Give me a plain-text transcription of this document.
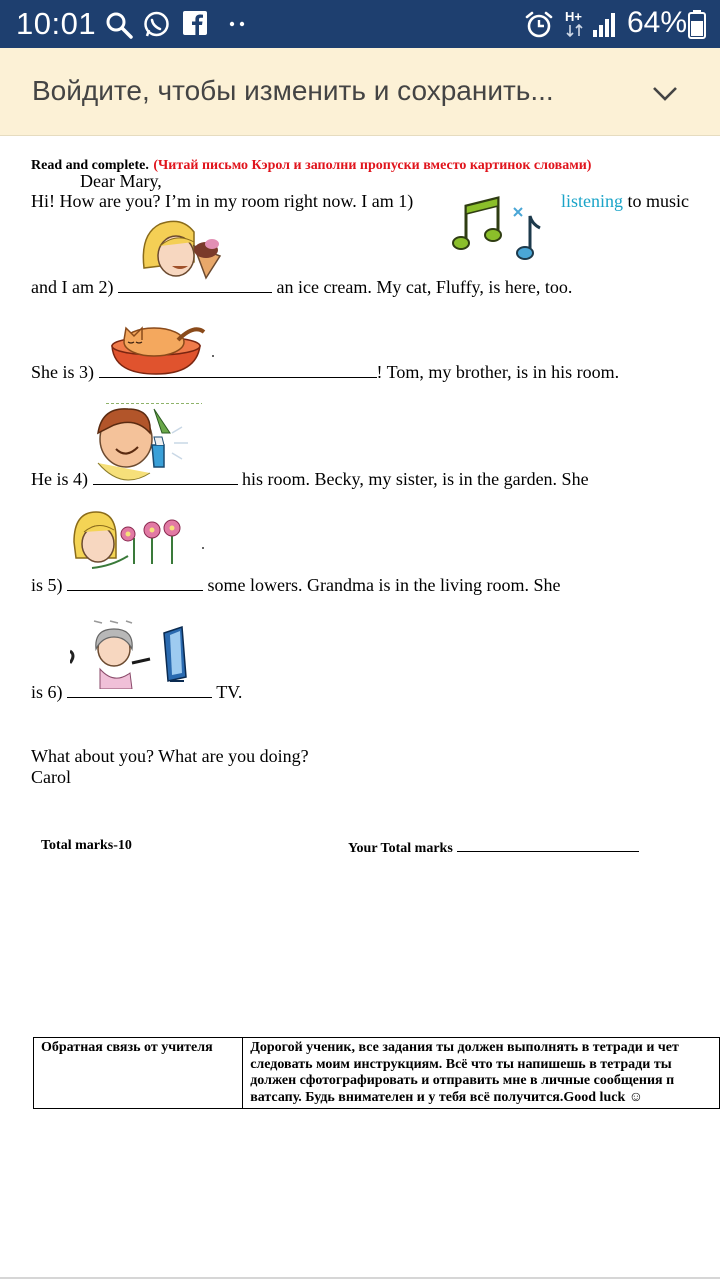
10:01	H+ 64%
Войдите, чтобы изменить и сохранить...
Read and complete. (Читай письмо Кэрол и заполни пропуски вместо картинок словами)
Dear Mary,
Hi! How are you? I’m in my room right now. I am 1)	listening to music
and I am 2)	an ice cream. My cat, Fluffy, is here, too.
She is 3)	! Tom, my brother, is in his room.
He is 4)	his room. Becky, my sister, is in the garden. She
is 5)	some lowers. Grandma is in the living room. She
is 6)	TV.
What about you? What are you doing?
Carol
Total marks-10	Your Total marks
Обратная связь от учителя	Дорогой ученик, все задания ты должен выполнять в тетради и чет
следовать моим инструкциям. Всё что ты напишешь в тетради ты
должен сфотографировать и отправить мне в личные сообщения п
ватсапу. Будь внимателен и у тебя всё получится.Good luck ☺
